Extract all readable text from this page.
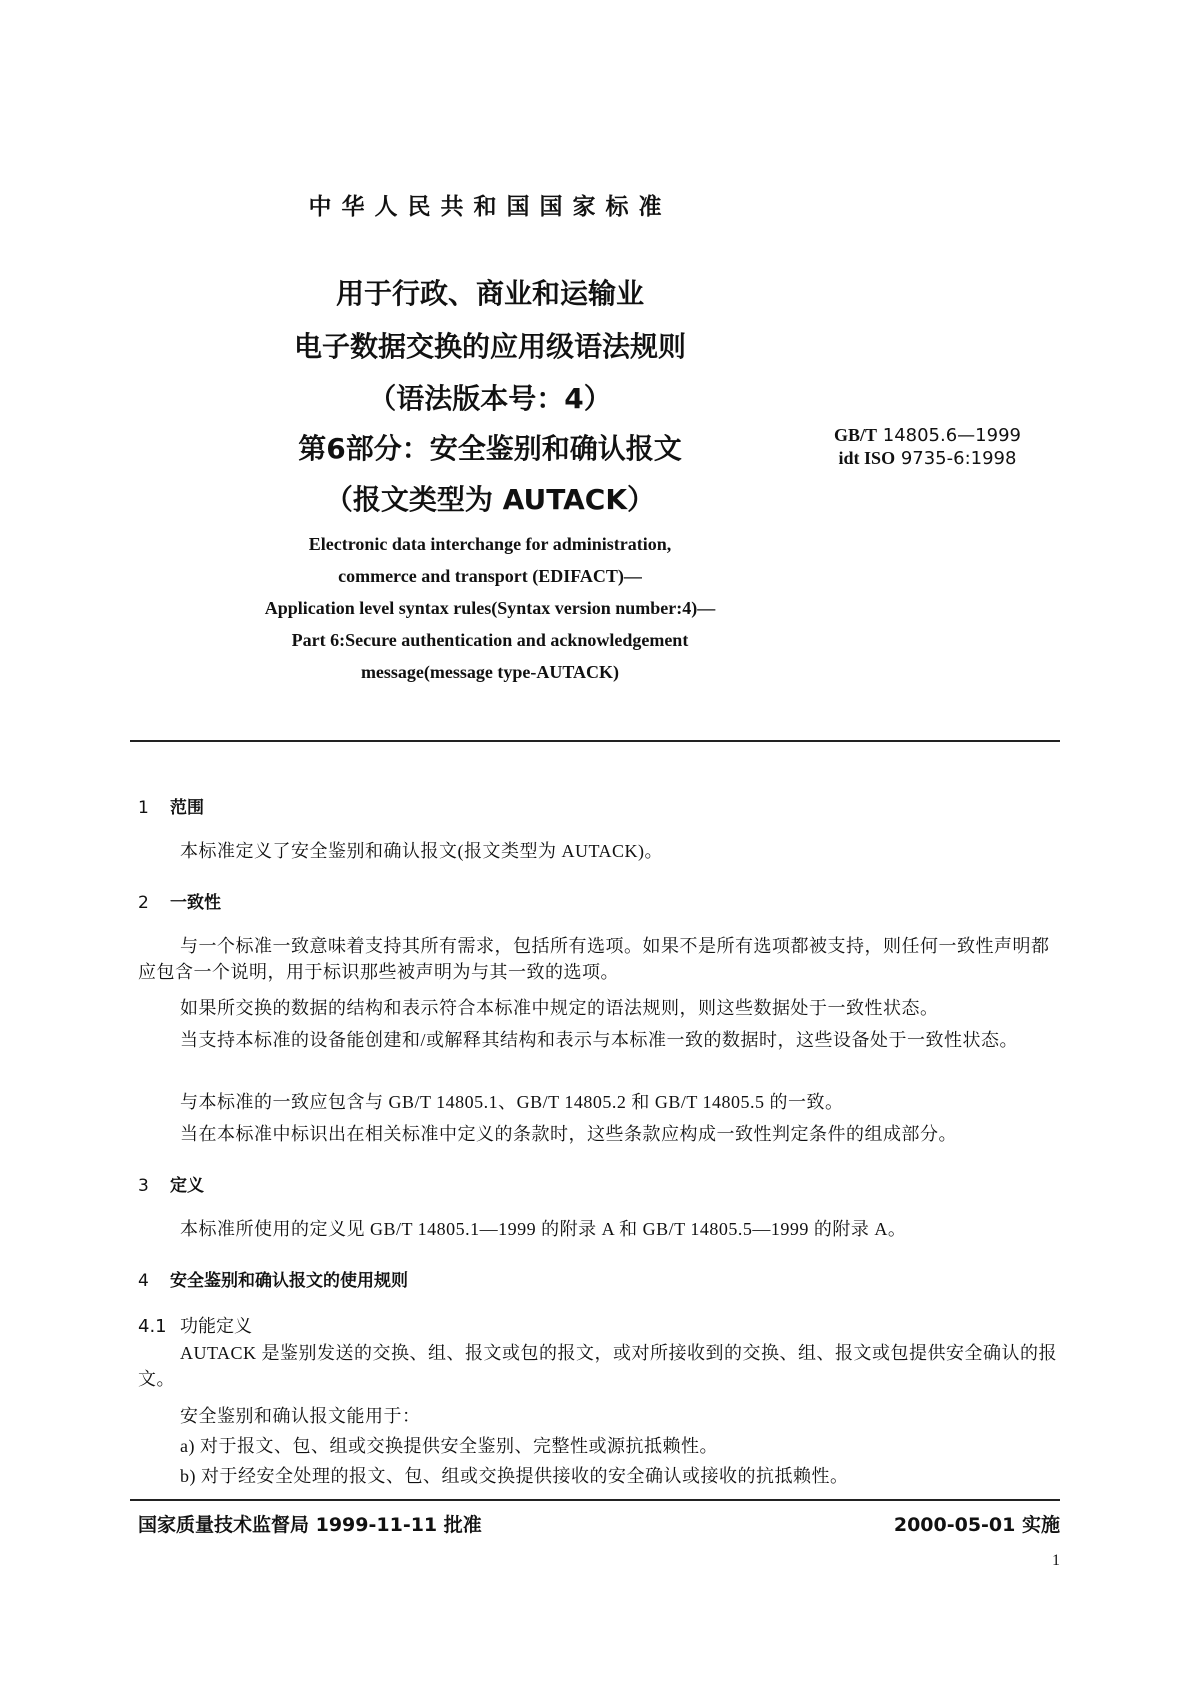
中华人民共和国国家标准
用于行政、商业和运输业
电子数据交换的应用级语法规则
（语法版本号：4）
第6部分：安全鉴别和确认报文
（报文类型为 AUTACK）
GB/T 14805.6—1999
idt ISO 9735-6:1998
Electronic data interchange for administration,
commerce and transport (EDIFACT)—
Application level syntax rules(Syntax version number:4)—
Part 6:Secure authentication and acknowledgement
message(message type-AUTACK)
1 范围
本标准定义了安全鉴别和确认报文(报文类型为 AUTACK)。
2 一致性
与一个标准一致意味着支持其所有需求，包括所有选项。如果不是所有选项都被支持，则任何一致性声明都应包含一个说明，用于标识那些被声明为与其一致的选项。
如果所交换的数据的结构和表示符合本标准中规定的语法规则，则这些数据处于一致性状态。
当支持本标准的设备能创建和/或解释其结构和表示与本标准一致的数据时，这些设备处于一致性状态。
与本标准的一致应包含与 GB/T 14805.1、GB/T 14805.2 和 GB/T 14805.5 的一致。
当在本标准中标识出在相关标准中定义的条款时，这些条款应构成一致性判定条件的组成部分。
3 定义
本标准所使用的定义见 GB/T 14805.1—1999 的附录 A 和 GB/T 14805.5—1999 的附录 A。
4 安全鉴别和确认报文的使用规则
4.1 功能定义
AUTACK 是鉴别发送的交换、组、报文或包的报文，或对所接收到的交换、组、报文或包提供安全确认的报文。
安全鉴别和确认报文能用于：
a) 对于报文、包、组或交换提供安全鉴别、完整性或源抗抵赖性。
b) 对于经安全处理的报文、包、组或交换提供接收的安全确认或接收的抗抵赖性。
国家质量技术监督局 1999-11-11 批准	2000-05-01 实施
1
